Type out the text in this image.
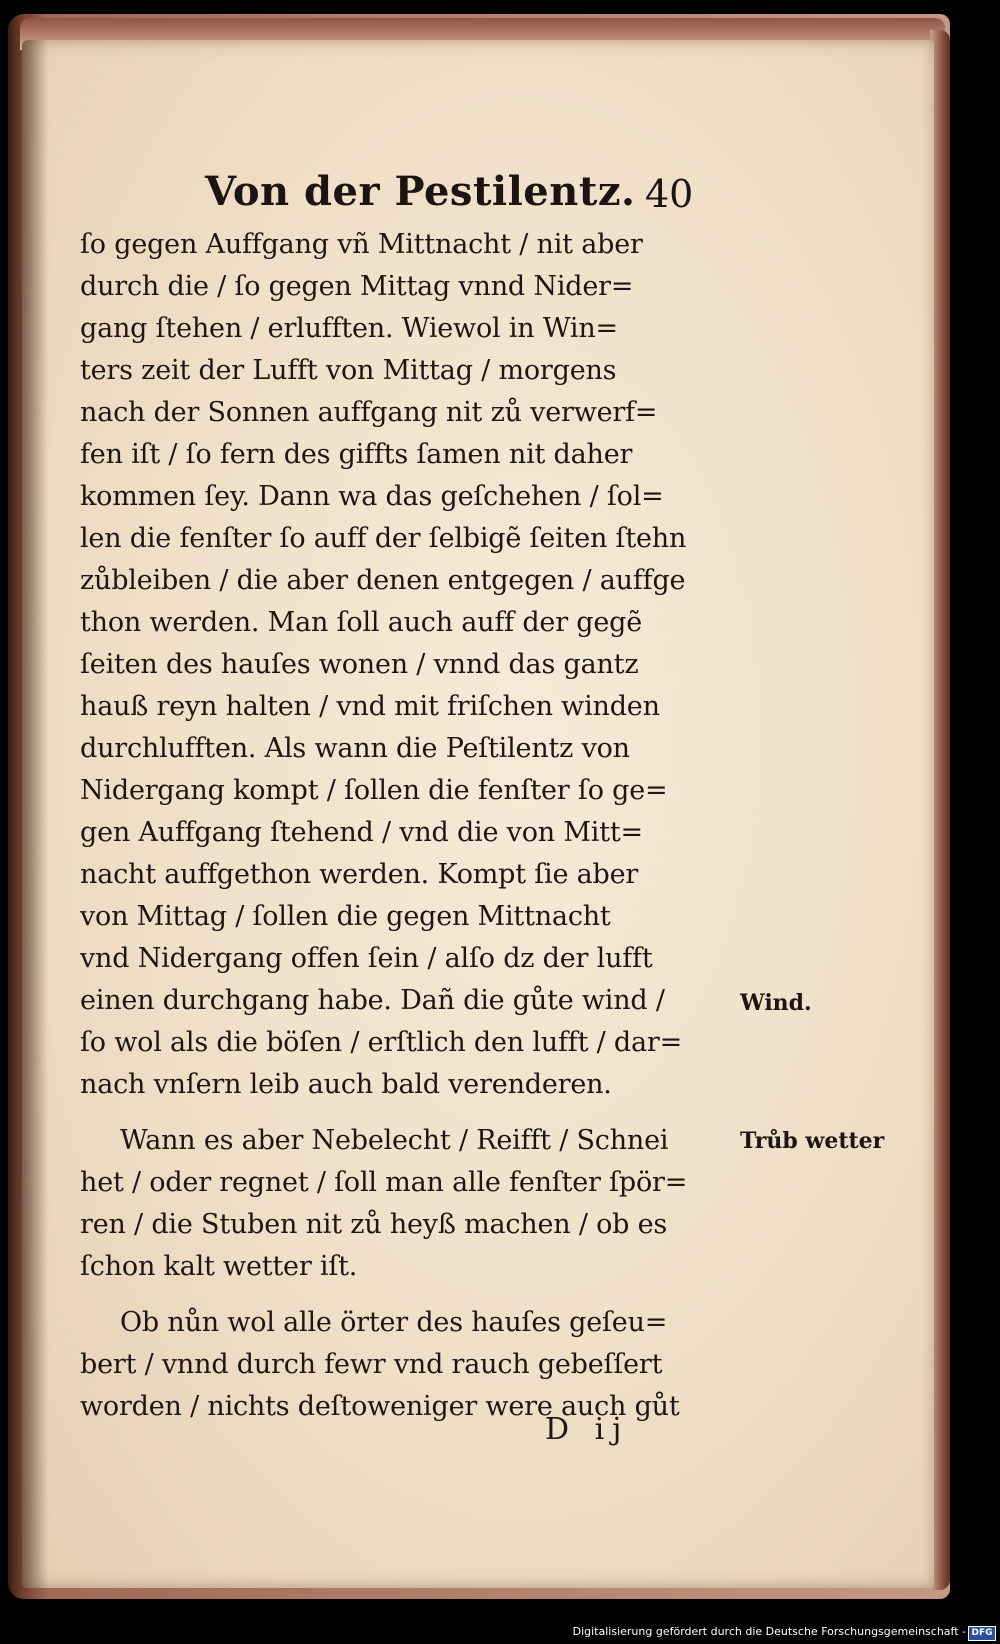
Von der Pestilentz. 40
ſo gegen Auffgang vñ Mittnacht / nit aber
durch die / ſo gegen Mittag vnnd Nider=
gang ſtehen / erlufften. Wiewol in Win=
ters zeit der Lufft von Mittag / morgens
nach der Sonnen auffgang nit zů verwerf=
fen iſt / ſo fern des giffts ſamen nit daher
kommen ſey. Dann wa das geſchehen / ſol=
len die fenſter ſo auff der ſelbigẽ ſeiten ſtehn
zůbleiben / die aber denen entgegen / auffge
thon werden. Man ſoll auch auff der gegẽ
ſeiten des hauſes wonen / vnnd das gantz
hauß reyn halten / vnd mit friſchen winden
durchlufften. Als wann die Peſtilentz von
Nidergang kompt / ſollen die fenſter ſo ge=
gen Auffgang ſtehend / vnd die von Mitt=
nacht auffgethon werden. Kompt ſie aber
von Mittag / ſollen die gegen Mittnacht
vnd Nidergang offen ſein / alſo dz der lufft
einen durchgang habe. Dañ die gůte wind /
ſo wol als die böſen / erſtlich den lufft / dar=
nach vnſern leib auch bald verenderen.
Wann es aber Nebelecht / Reifft / Schnei
het / oder regnet / ſoll man alle fenſter ſpör=
ren / die Stuben nit zů heyß machen / ob es
ſchon kalt wetter iſt.
Ob nůn wol alle örter des hauſes geſeu=
bert / vnnd durch fewr vnd rauch gebeſſert
worden / nichts deſtoweniger were auch gůt
Wind.
Trůb wetter
D ij
Digitalisierung gefördert durch die Deutsche Forschungsgemeinschaft - DFG
